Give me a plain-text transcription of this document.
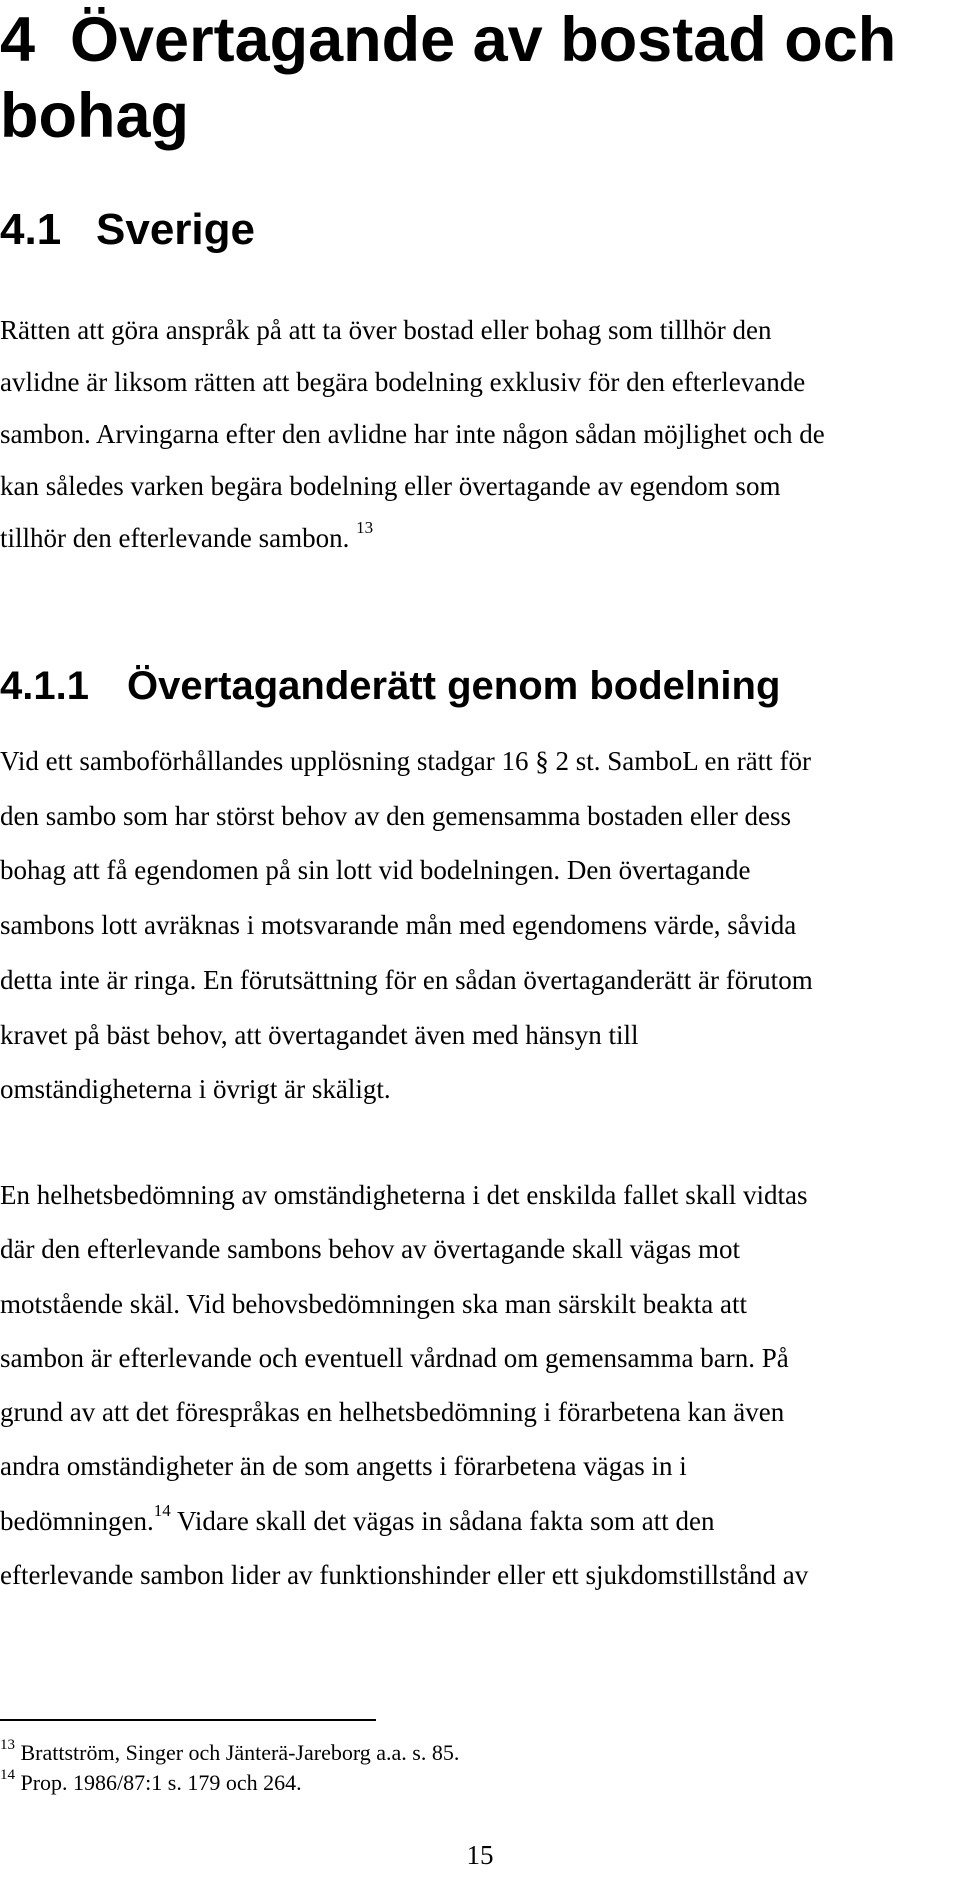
4 Övertagande av bostad och bohag
4.1 Sverige

Rätten att göra anspråk på att ta över bostad eller bohag som tillhör den
avlidne är liksom rätten att begära bodelning exklusiv för den efterlevande
sambon. Arvingarna efter den avlidne har inte någon sådan möjlighet och de
kan således varken begära bodelning eller övertagande av egendom som
tillhör den efterlevande sambon. $^{13}$

4.1.1 Övertaganderätt genom bodelning

Vid ett samboförhållandes upplösning stadgar 16 § 2 st. SamboL en rätt för
den sambo som har störst behov av den gemensamma bostaden eller dess
bohag att få egendomen på sin lott vid bodelningen. Den övertagande
sambons lott avräknas i motsvarande mån med egendomens värde, såvida
detta inte är ringa. En förutsättning för en sådan övertaganderätt är förutom
kravet på bäst behov, att övertagandet även med hänsyn till
omständigheterna i övrigt är skäligt.

En helhetsbedömning av omständigheterna i det enskilda fallet skall vidtas
där den efterlevande sambons behov av övertagande skall vägas mot
motstående skäl. Vid behovsbedömningen ska man särskilt beakta att
sambon är efterlevande och eventuell vårdnad om gemensamma barn. På
grund av att det förespråkas en helhetsbedömning i förarbetena kan även
andra omständigheter än de som angetts i förarbetena vägas in i
bedömningen.$^{14}$ Vidare skall det vägas in sådana fakta som att den
efterlevande sambon lider av funktionshinder eller ett sjukdomstillstånd av

$^{13}$ Brattström, Singer och Jänterä-Jareborg a.a. s. 85.

$^{14}$ Prop. 1986/87:1 s. 179 och 264.

15
